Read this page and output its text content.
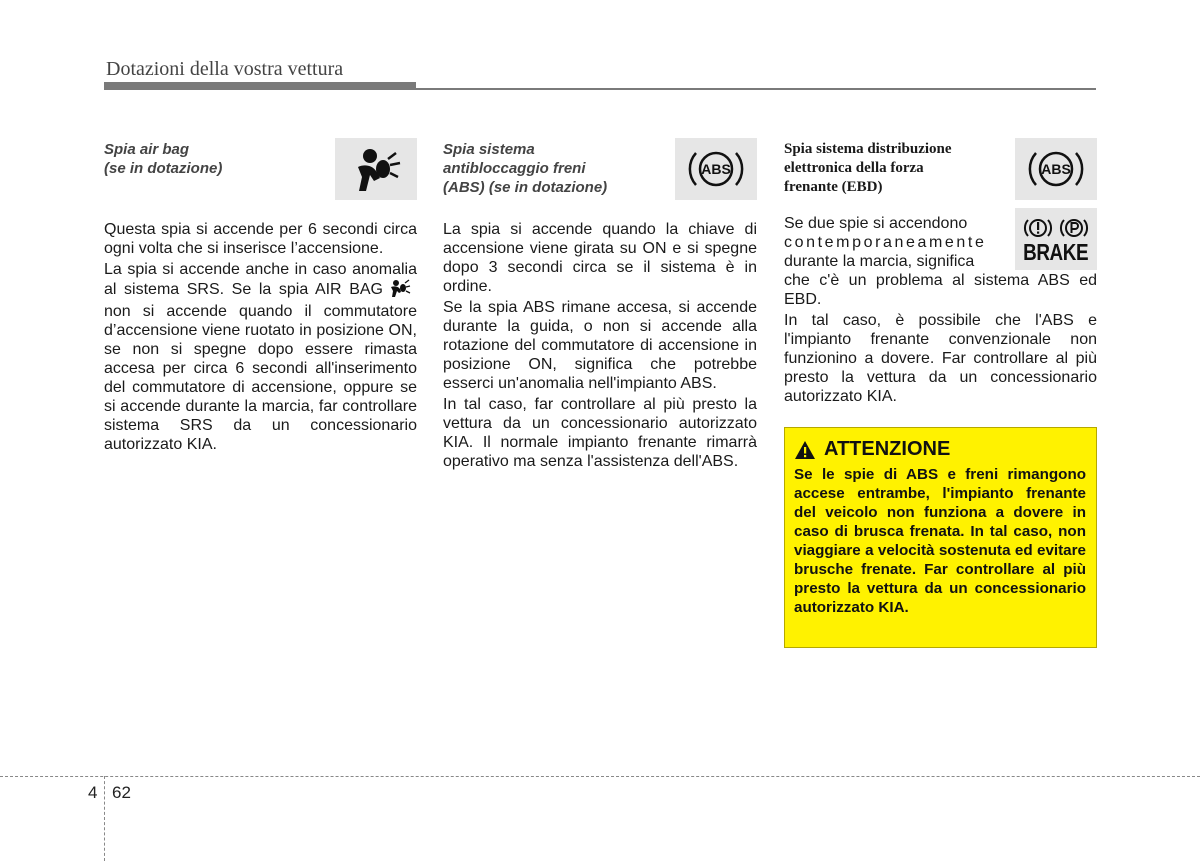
Dotazioni della vostra vettura
Spia air bag
(se in dotazione)

Questa spia si accende per 6 secondi circa ogni volta che si inserisce l’accensione.

La spia si accende anche in caso anomalia al sistema SRS. Se la spia AIR BAGnon si accende quando il commutatore d’accensione viene ruotato in posizione ON, se non si spegne dopo essere rimasta accesa per circa 6 secondi all'inserimento del commutatore di accensione, oppure se si accende durante la marcia, far controllare sistema SRS da un concessionario autorizzato KIA.

Spia sistema
antibloccaggio freni
(ABS) (se in dotazione)
ABS

La spia si accende quando la chiave di accensione viene girata su ON e si spegne dopo 3 secondi circa se il sistema è in ordine.

Se la spia ABS rimane accesa, si accende durante la guida, o non si accende alla rotazione del commutatore di accensione in posizione ON, significa che potrebbe esserci un'anomalia nell'impianto ABS.

In tal caso, far controllare al più presto la vettura da un concessionario autorizzato KIA. Il normale impianto frenante rimarrà operativo ma senza l'assistenza dell'ABS.

Spia sistema distribuzione
elettronica della forza
frenante (EBD)
ABS
BRAKE

Se due spie si accendono
contemporaneamente
durante la marcia, significa
che c'è un problema al sistema ABS ed EBD.

In tal caso, è possibile che l'ABS e l'impianto frenante convenzionale non funzionino a dovere. Far controllare al più presto la vettura da un concessionario autorizzato KIA.

ATTENZIONE
Se le spie di ABS e freni rimangono accese entrambe, l'impianto frenante del veicolo non funziona a dovere in caso di brusca frenata. In tal caso, non viaggiare a velocità sostenuta ed evitare brusche frenate. Far controllare al più presto la vettura da un concessionario autorizzato KIA.
4 62
